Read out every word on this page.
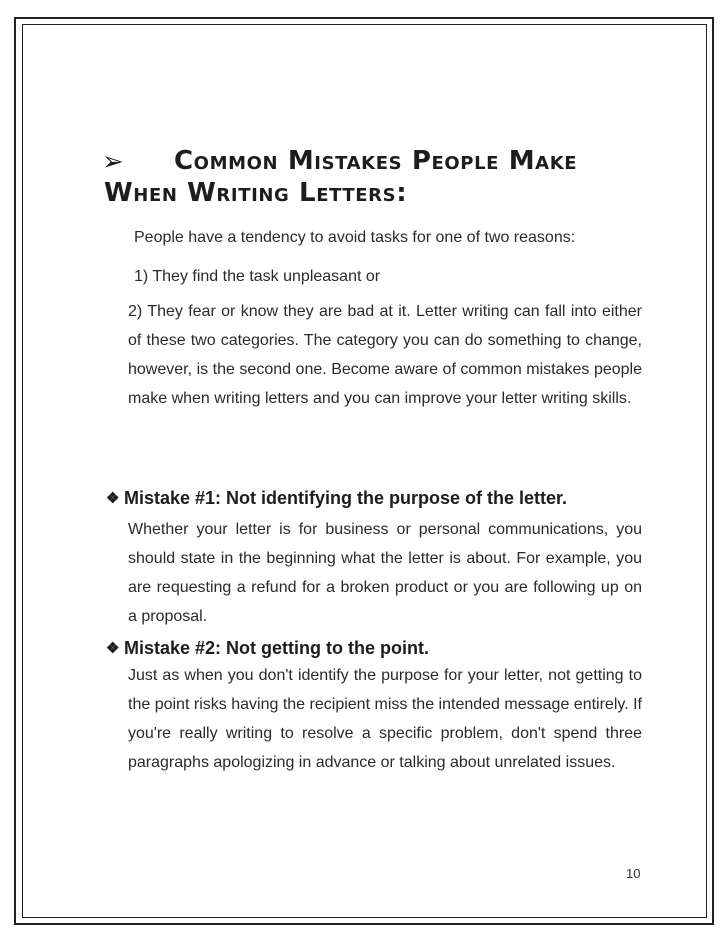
➢ Common Mistakes People Make
When Writing Letters:
People have a tendency to avoid tasks for one of two reasons:
1) They find the task unpleasant or
2) They fear or know they are bad at it. Letter writing can fall into either of these two categories. The category you can do something to change, however, is the second one. Become aware of common mistakes people make when writing letters and you can improve your letter writing skills.
❖ Mistake #1: Not identifying the purpose of the letter.
Whether your letter is for business or personal communications, you should state in the beginning what the letter is about. For example, you are requesting a refund for a broken product or you are following up on a proposal.
❖ Mistake #2: Not getting to the point.
Just as when you don't identify the purpose for your letter, not getting to the point risks having the recipient miss the intended message entirely. If you're really writing to resolve a specific problem, don't spend three paragraphs apologizing in advance or talking about unrelated issues.
10
